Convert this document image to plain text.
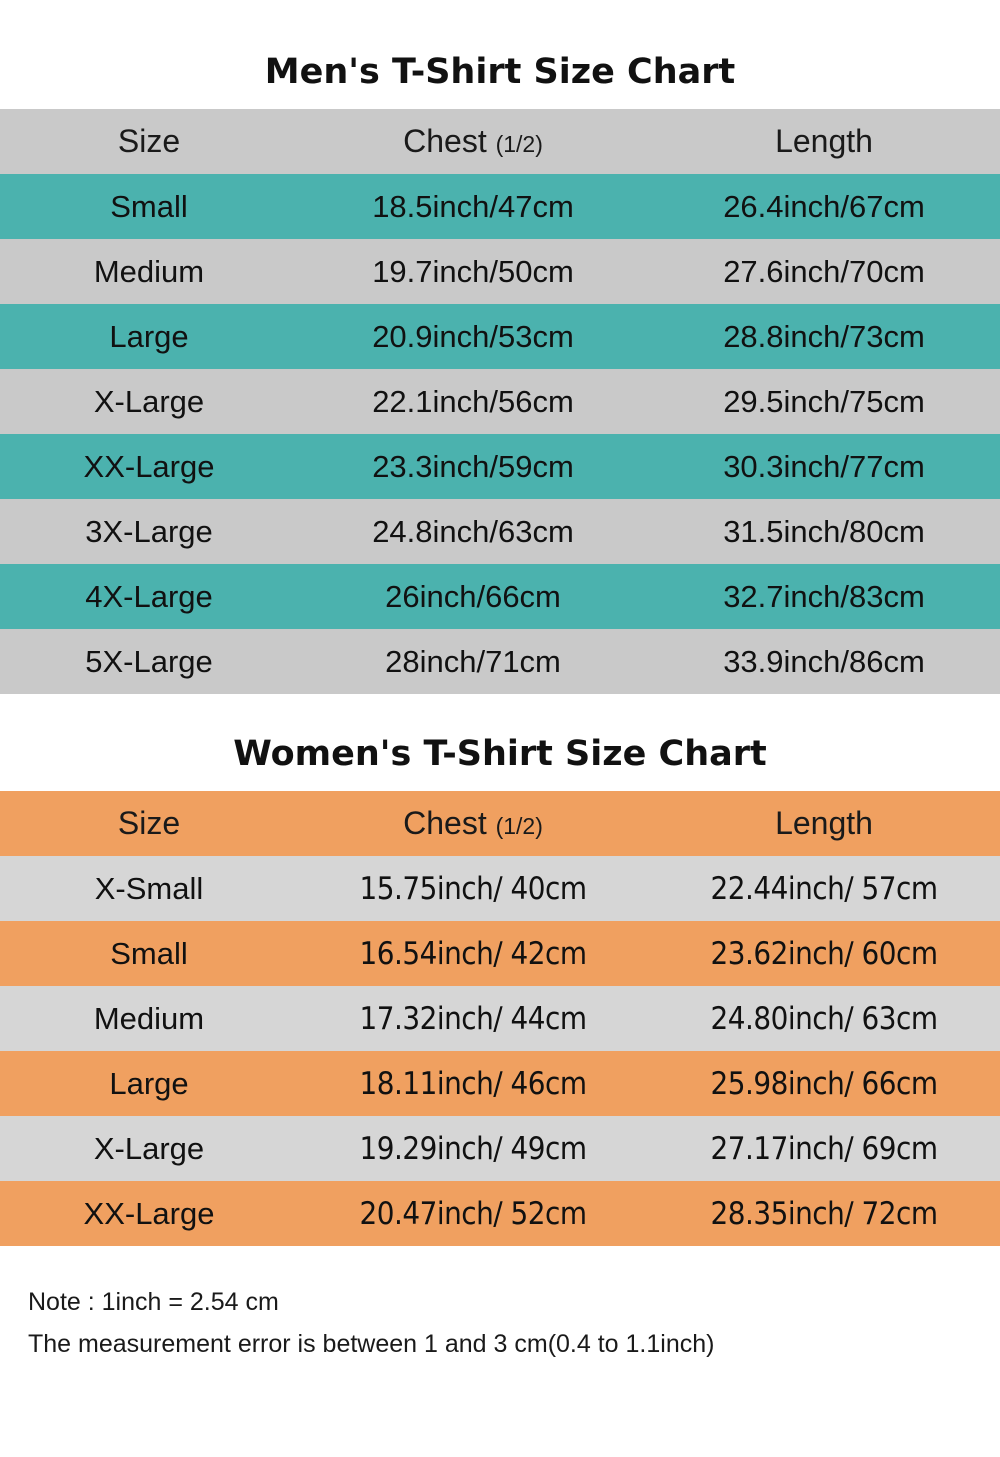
Men's T-Shirt Size Chart
Size	Chest (1/2)	Length
Small	18.5inch/47cm	26.4inch/67cm
Medium	19.7inch/50cm	27.6inch/70cm
Large	20.9inch/53cm	28.8inch/73cm
X-Large	22.1inch/56cm	29.5inch/75cm
XX-Large	23.3inch/59cm	30.3inch/77cm
3X-Large	24.8inch/63cm	31.5inch/80cm
4X-Large	26inch/66cm	32.7inch/83cm
5X-Large	28inch/71cm	33.9inch/86cm
Women's T-Shirt Size Chart
Size	Chest (1/2)	Length
X-Small	15.75inch/ 40cm	22.44inch/ 57cm
Small	16.54inch/ 42cm	23.62inch/ 60cm
Medium	17.32inch/ 44cm	24.80inch/ 63cm
Large	18.11inch/ 46cm	25.98inch/ 66cm
X-Large	19.29inch/ 49cm	27.17inch/ 69cm
XX-Large	20.47inch/ 52cm	28.35inch/ 72cm
Note : 1inch = 2.54 cm
The measurement error is between 1 and 3 cm(0.4 to 1.1inch)
